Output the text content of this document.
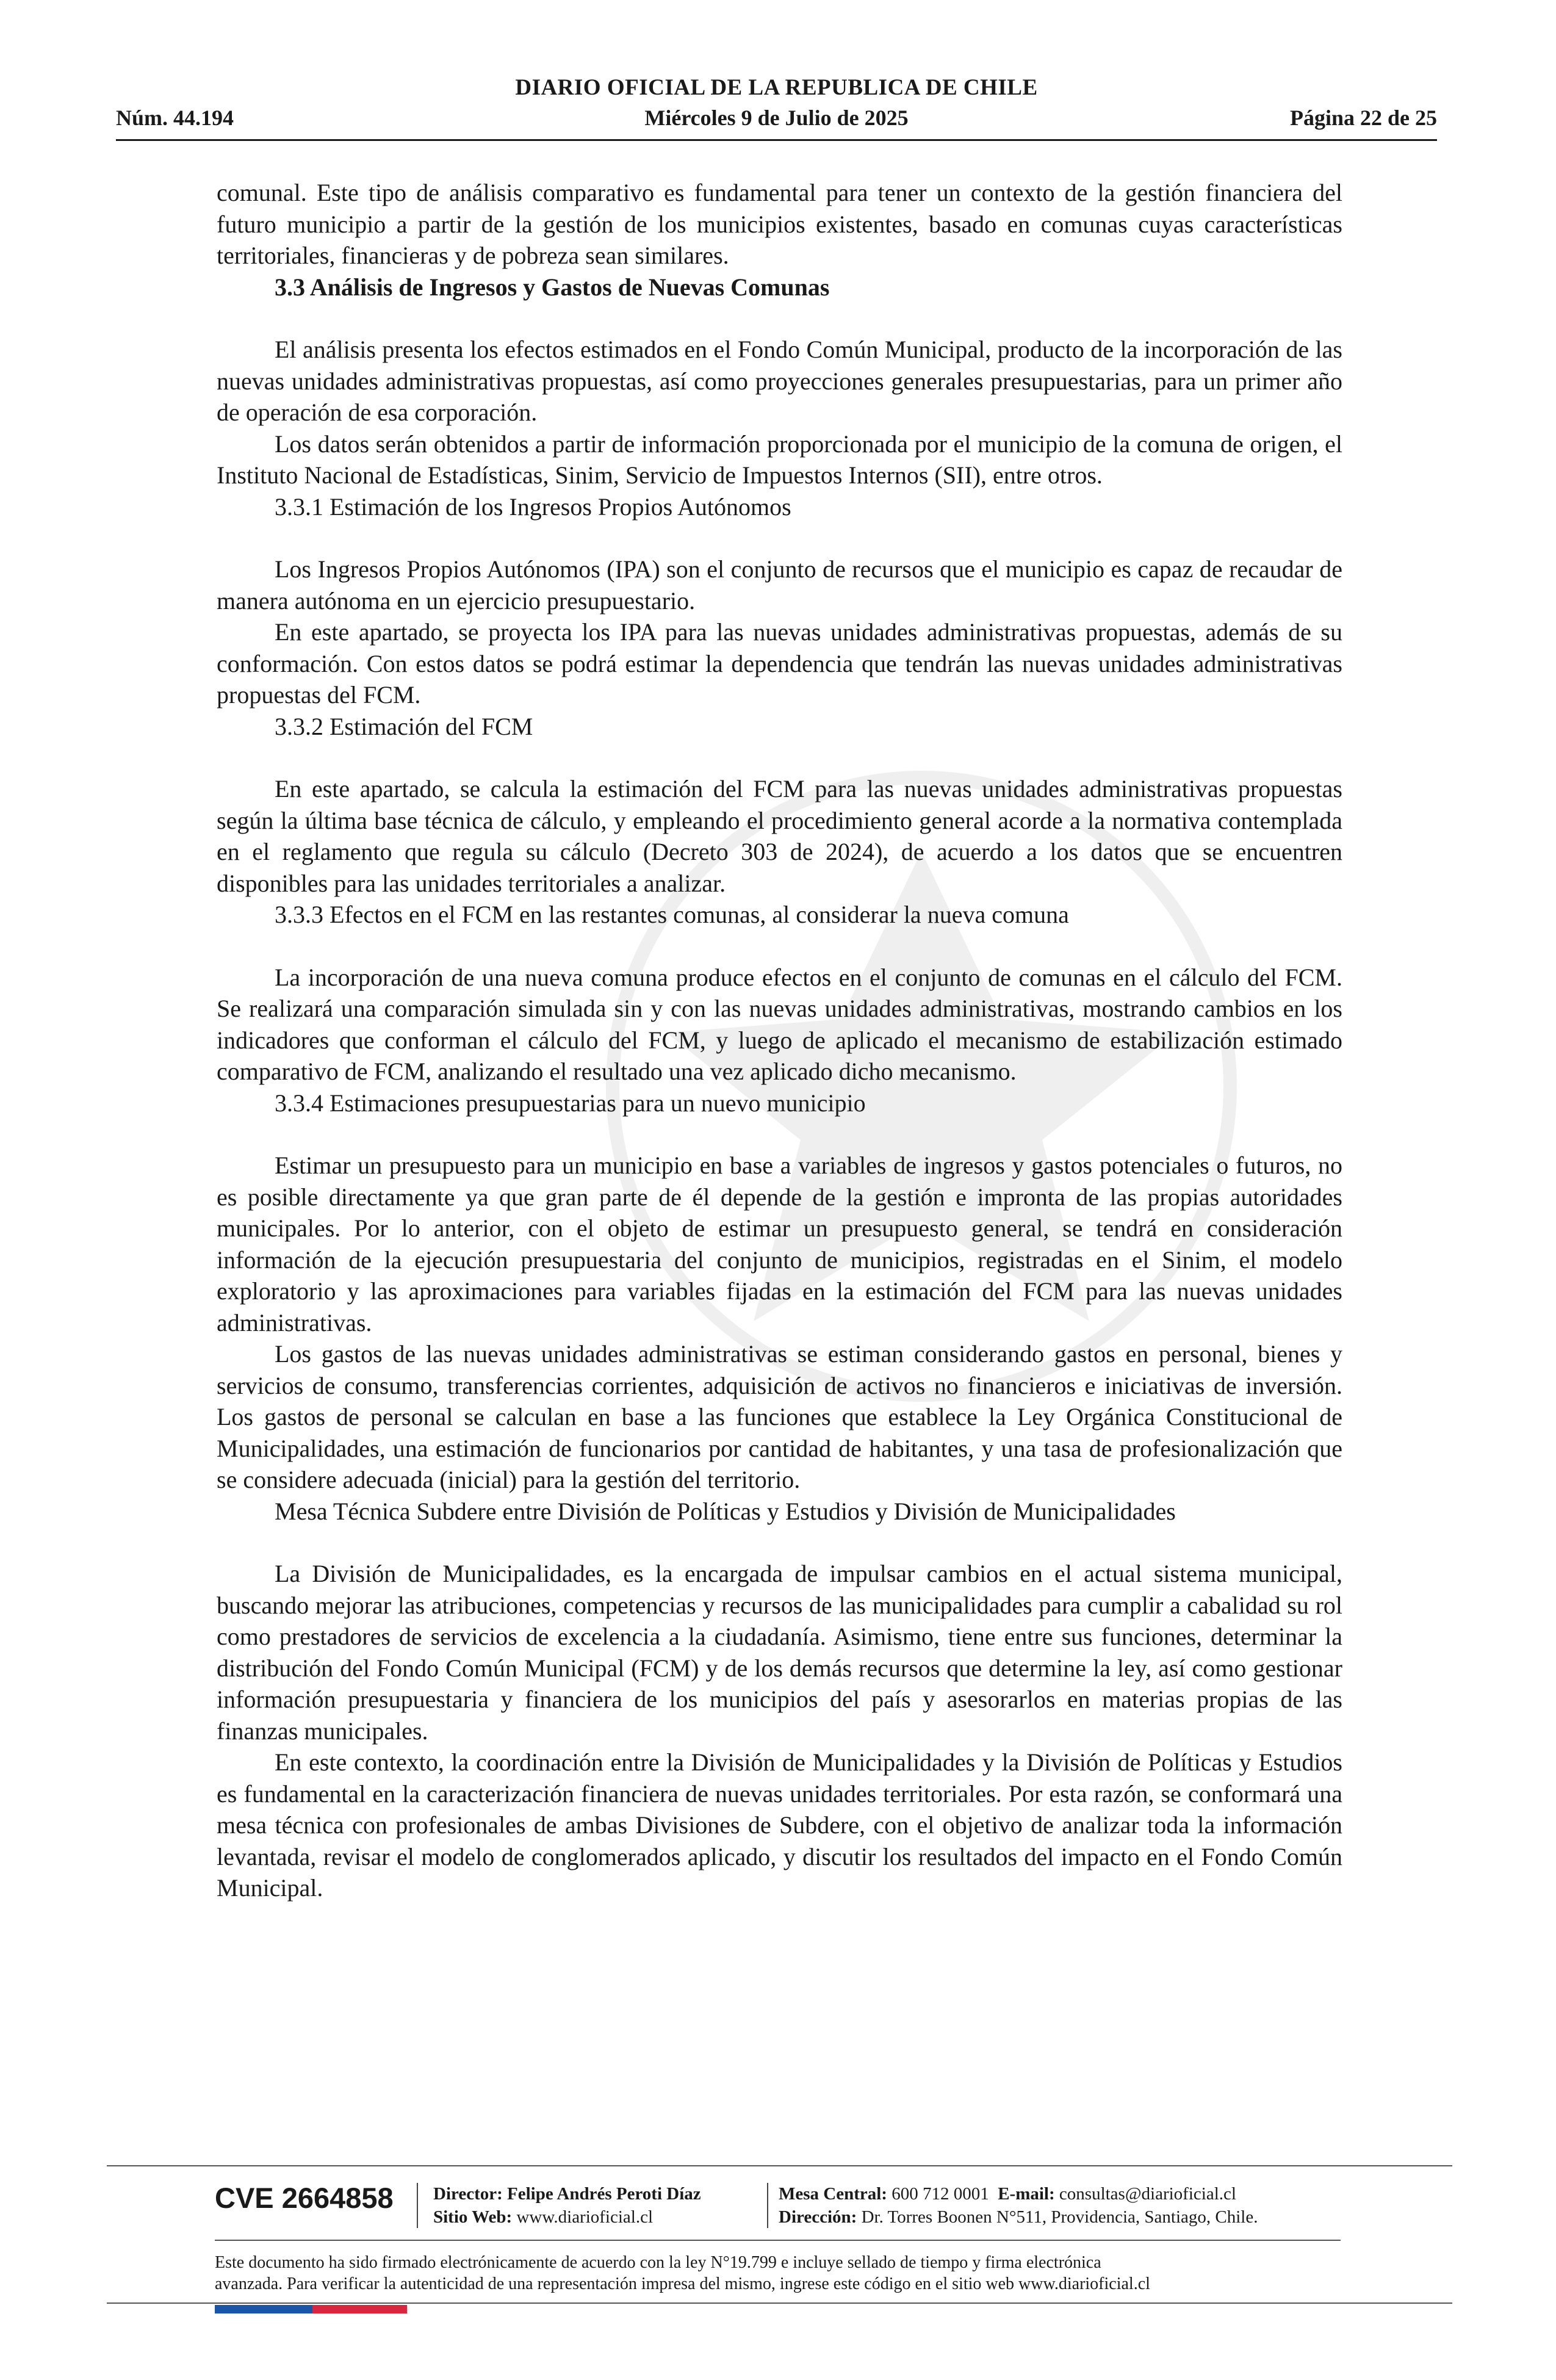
DIARIO OFICIAL DE LA REPUBLICA DE CHILE
Núm. 44.194	Miércoles 9 de Julio de 2025	Página 22 de 25

comunal. Este tipo de análisis comparativo es fundamental para tener un contexto de la gestión financiera del futuro municipio a partir de la gestión de los municipios existentes, basado en comunas cuyas características territoriales, financieras y de pobreza sean similares.

3.3 Análisis de Ingresos y Gastos de Nuevas Comunas

El análisis presenta los efectos estimados en el Fondo Común Municipal, producto de la incorporación de las nuevas unidades administrativas propuestas, así como proyecciones generales presupuestarias, para un primer año de operación de esa corporación.

Los datos serán obtenidos a partir de información proporcionada por el municipio de la comuna de origen, el Instituto Nacional de Estadísticas, Sinim, Servicio de Impuestos Internos (SII), entre otros.

3.3.1 Estimación de los Ingresos Propios Autónomos

Los Ingresos Propios Autónomos (IPA) son el conjunto de recursos que el municipio es capaz de recaudar de manera autónoma en un ejercicio presupuestario.

En este apartado, se proyecta los IPA para las nuevas unidades administrativas propuestas, además de su conformación. Con estos datos se podrá estimar la dependencia que tendrán las nuevas unidades administrativas propuestas del FCM.

3.3.2 Estimación del FCM

En este apartado, se calcula la estimación del FCM para las nuevas unidades administrativas propuestas según la última base técnica de cálculo, y empleando el procedimiento general acorde a la normativa contemplada en el reglamento que regula su cálculo (Decreto 303 de 2024), de acuerdo a los datos que se encuentren disponibles para las unidades territoriales a analizar.

3.3.3 Efectos en el FCM en las restantes comunas, al considerar la nueva comuna

La incorporación de una nueva comuna produce efectos en el conjunto de comunas en el cálculo del FCM. Se realizará una comparación simulada sin y con las nuevas unidades administrativas, mostrando cambios en los indicadores que conforman el cálculo del FCM, y luego de aplicado el mecanismo de estabilización estimado comparativo de FCM, analizando el resultado una vez aplicado dicho mecanismo.

3.3.4 Estimaciones presupuestarias para un nuevo municipio

Estimar un presupuesto para un municipio en base a variables de ingresos y gastos potenciales o futuros, no es posible directamente ya que gran parte de él depende de la gestión e impronta de las propias autoridades municipales. Por lo anterior, con el objeto de estimar un presupuesto general, se tendrá en consideración información de la ejecución presupuestaria del conjunto de municipios, registradas en el Sinim, el modelo exploratorio y las aproximaciones para variables fijadas en la estimación del FCM para las nuevas unidades administrativas.

Los gastos de las nuevas unidades administrativas se estiman considerando gastos en personal, bienes y servicios de consumo, transferencias corrientes, adquisición de activos no financieros e iniciativas de inversión. Los gastos de personal se calculan en base a las funciones que establece la Ley Orgánica Constitucional de Municipalidades, una estimación de funcionarios por cantidad de habitantes, y una tasa de profesionalización que se considere adecuada (inicial) para la gestión del territorio.

Mesa Técnica Subdere entre División de Políticas y Estudios y División de Municipalidades

La División de Municipalidades, es la encargada de impulsar cambios en el actual sistema municipal, buscando mejorar las atribuciones, competencias y recursos de las municipalidades para cumplir a cabalidad su rol como prestadores de servicios de excelencia a la ciudadanía. Asimismo, tiene entre sus funciones, determinar la distribución del Fondo Común Municipal (FCM) y de los demás recursos que determine la ley, así como gestionar información presupuestaria y financiera de los municipios del país y asesorarlos en materias propias de las finanzas municipales.

En este contexto, la coordinación entre la División de Municipalidades y la División de Políticas y Estudios es fundamental en la caracterización financiera de nuevas unidades territoriales. Por esta razón, se conformará una mesa técnica con profesionales de ambas Divisiones de Subdere, con el objetivo de analizar toda la información levantada, revisar el modelo de conglomerados aplicado, y discutir los resultados del impacto en el Fondo Común Municipal.

CVE 2664858 Director: Felipe Andrés Peroti Díaz
Sitio Web: www.diarioficial.cl
Mesa Central: 600 712 0001 E-mail: consultas@diarioficial.cl
Dirección: Dr. Torres Boonen N°511, Providencia, Santiago, Chile.
Este documento ha sido firmado electrónicamente de acuerdo con la ley N°19.799 e incluye sellado de tiempo y firma electrónica
avanzada. Para verificar la autenticidad de una representación impresa del mismo, ingrese este código en el sitio web www.diarioficial.cl
